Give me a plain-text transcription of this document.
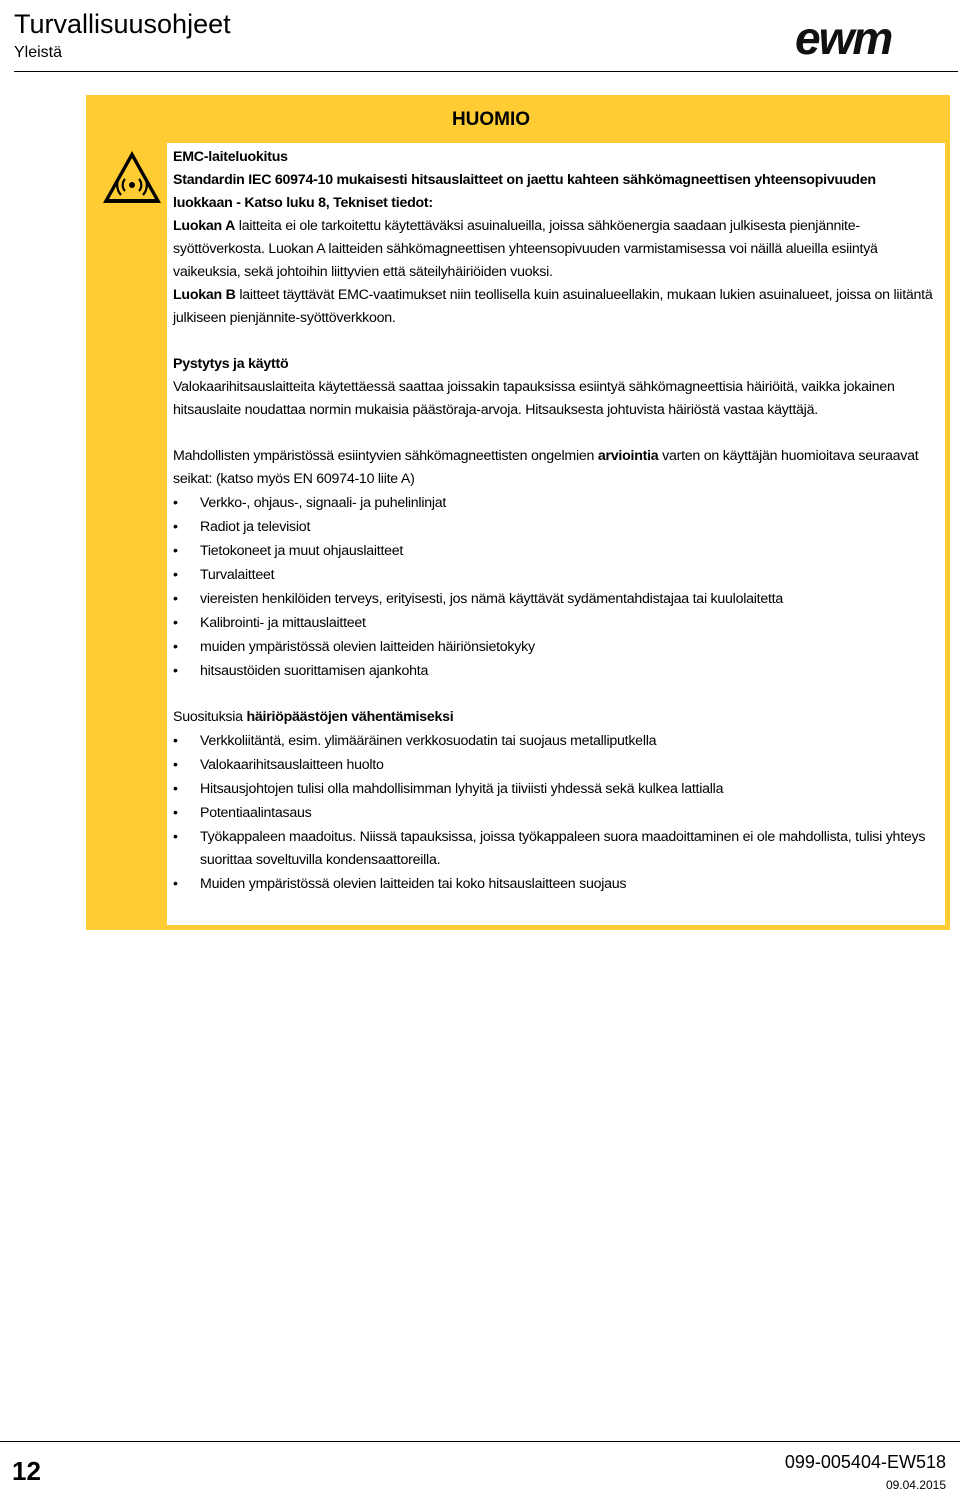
Turvallisuusohjeet
Yleistä	ewm
HUOMIO

EMC-laiteluokitus

Standardin IEC 60974-10 mukaisesti hitsauslaitteet on jaettu kahteen sähkömagneettisen yhteensopivuuden luokkaan - Katso luku 8, Tekniset tiedot:

Luokan A laitteita ei ole tarkoitettu käytettäväksi asuinalueilla, joissa sähköenergia saadaan julkisesta pienjännite-syöttöverkosta. Luokan A laitteiden sähkömagneettisen yhteensopivuuden varmistamisessa voi näillä alueilla esiintyä vaikeuksia, sekä johtoihin liittyvien että säteilyhäiriöiden vuoksi.

Luokan B laitteet täyttävät EMC-vaatimukset niin teollisella kuin asuinalueellakin, mukaan lukien asuinalueet, joissa on liitäntä julkiseen pienjännite-syöttöverkkoon.

Pystytys ja käyttö

Valokaarihitsauslaitteita käytettäessä saattaa joissakin tapauksissa esiintyä sähkömagneettisia häiriöitä, vaikka jokainen hitsauslaite noudattaa normin mukaisia päästöraja-arvoja. Hitsauksesta johtuvista häiriöstä vastaa käyttäjä.

Mahdollisten ympäristössä esiintyvien sähkömagneettisten ongelmien arviointia varten on käyttäjän huomioitava seuraavat seikat: (katso myös EN 60974-10 liite A)

• Verkko-, ohjaus-, signaali- ja puhelinlinjat
• Radiot ja televisiot
• Tietokoneet ja muut ohjauslaitteet
• Turvalaitteet
• viereisten henkilöiden terveys, erityisesti, jos nämä käyttävät sydämentahdistajaa tai kuulolaitetta
• Kalibrointi- ja mittauslaitteet
• muiden ympäristössä olevien laitteiden häiriönsietokyky
• hitsaustöiden suorittamisen ajankohta

Suosituksia häiriöpäästöjen vähentämiseksi

• Verkkoliitäntä, esim. ylimääräinen verkkosuodatin tai suojaus metalliputkella
• Valokaarihitsauslaitteen huolto
• Hitsausjohtojen tulisi olla mahdollisimman lyhyitä ja tiiviisti yhdessä sekä kulkea lattialla
• Potentiaalintasaus
• Työkappaleen maadoitus. Niissä tapauksissa, joissa työkappaleen suora maadoittaminen ei ole mahdollista, tulisi yhteys suorittaa soveltuvilla kondensaattoreilla.
• Muiden ympäristössä olevien laitteiden tai koko hitsauslaitteen suojaus
12	099-005404-EW518
09.04.2015
